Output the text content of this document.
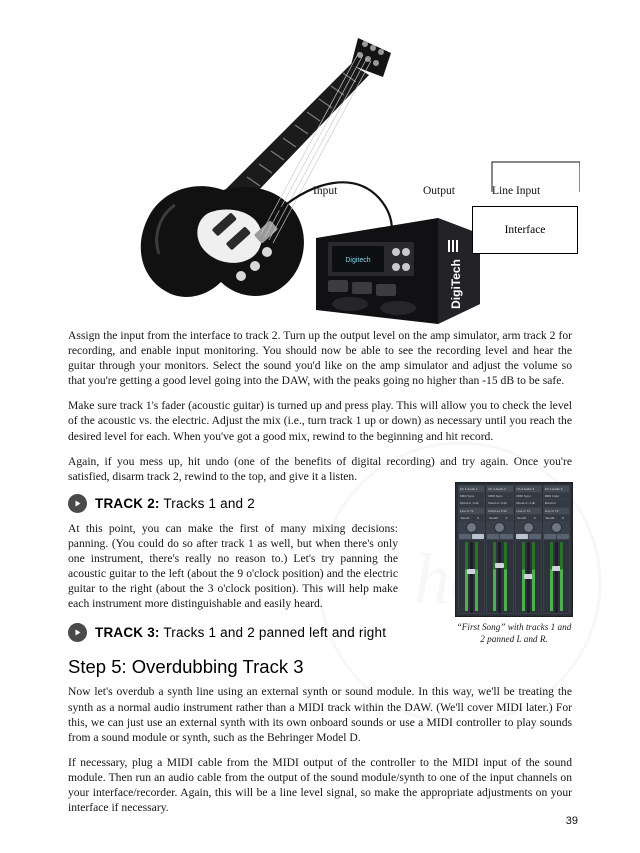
Digitech	DigiTech
Input	Output	Line Input
Interface

Assign the input from the interface to track 2. Turn up the output level on the amp simulator, arm track 2 for recording, and enable input monitoring. You should now be able to see the recording level and hear the guitar through your monitors. Select the sound you'd like on the amp simulator and adjust the volume so that you're getting a good level going into the DAW, with the peaks going no higher than -15 dB to be safe.

Make sure track 1's fader (acoustic guitar) is turned up and press play. This will allow you to check the level of the acoustic vs. the electric. Adjust the mix (i.e., turn track 1 up or down) as necessary until you reach the desired level for each. When you've got a good mix, rewind to the beginning and hit record.

Again, if you mess up, hit undo (one of the benefits of digital recording) and try again. Once you're satisfied, disarm track 2, rewind to the top, and give it a listen.

TRACK 2: Tracks 1 and 2

At this point, you can make the first of many mixing decisions: panning. (You could do so after track 1 as well, but when there's only one instrument, there's really no reason to.) Let's try panning the acoustic guitar to the left (about the 9 o'clock position) and the electric guitar to the right (about the 3 o'clock position). This will help make each instrument more distinguishable and easily heard.

TRACK 3: Tracks 1 and 2 panned left and right
Step 5: Overdubbing Track 3

Now let's overdub a synth line using an external synth or sound module. In this way, we'll be treating the synth as a normal audio instrument rather than a MIDI track within the DAW. (We'll cover MIDI later.) For this, we can just use an external synth with its own onboard sounds or use a MIDI controller to play sounds from a sound module or synth, such as the Behringer Model D.

If necessary, plug a MIDI cable from the MIDI output of the controller to the MIDI input of the sound module. Then run an audio cable from the output of the sound module/synth to one of the input channels on your interface/recorder. Again, this will be a line level signal, so make the appropriate adjustments on your interface if necessary.

Ch 1 Audio 1
MIDI Sync
Mon/Lvl -3 db
Line In 71
Send1	0
Ch 2 Audio 2
MIDI Sync
Mon/Lvl -3 db
Mon/Lev 5 db
Send2	0
Ch 3 Audio 3
MIDI Sync
Mon/Lvl -3 db
Line In 71
Send3	0
Ch 4 Audio 4
MIDI Input
Mon/Lvl
Line In 73
Send4	0
“First Song” with tracks 1 and 2 panned L and R.
39
